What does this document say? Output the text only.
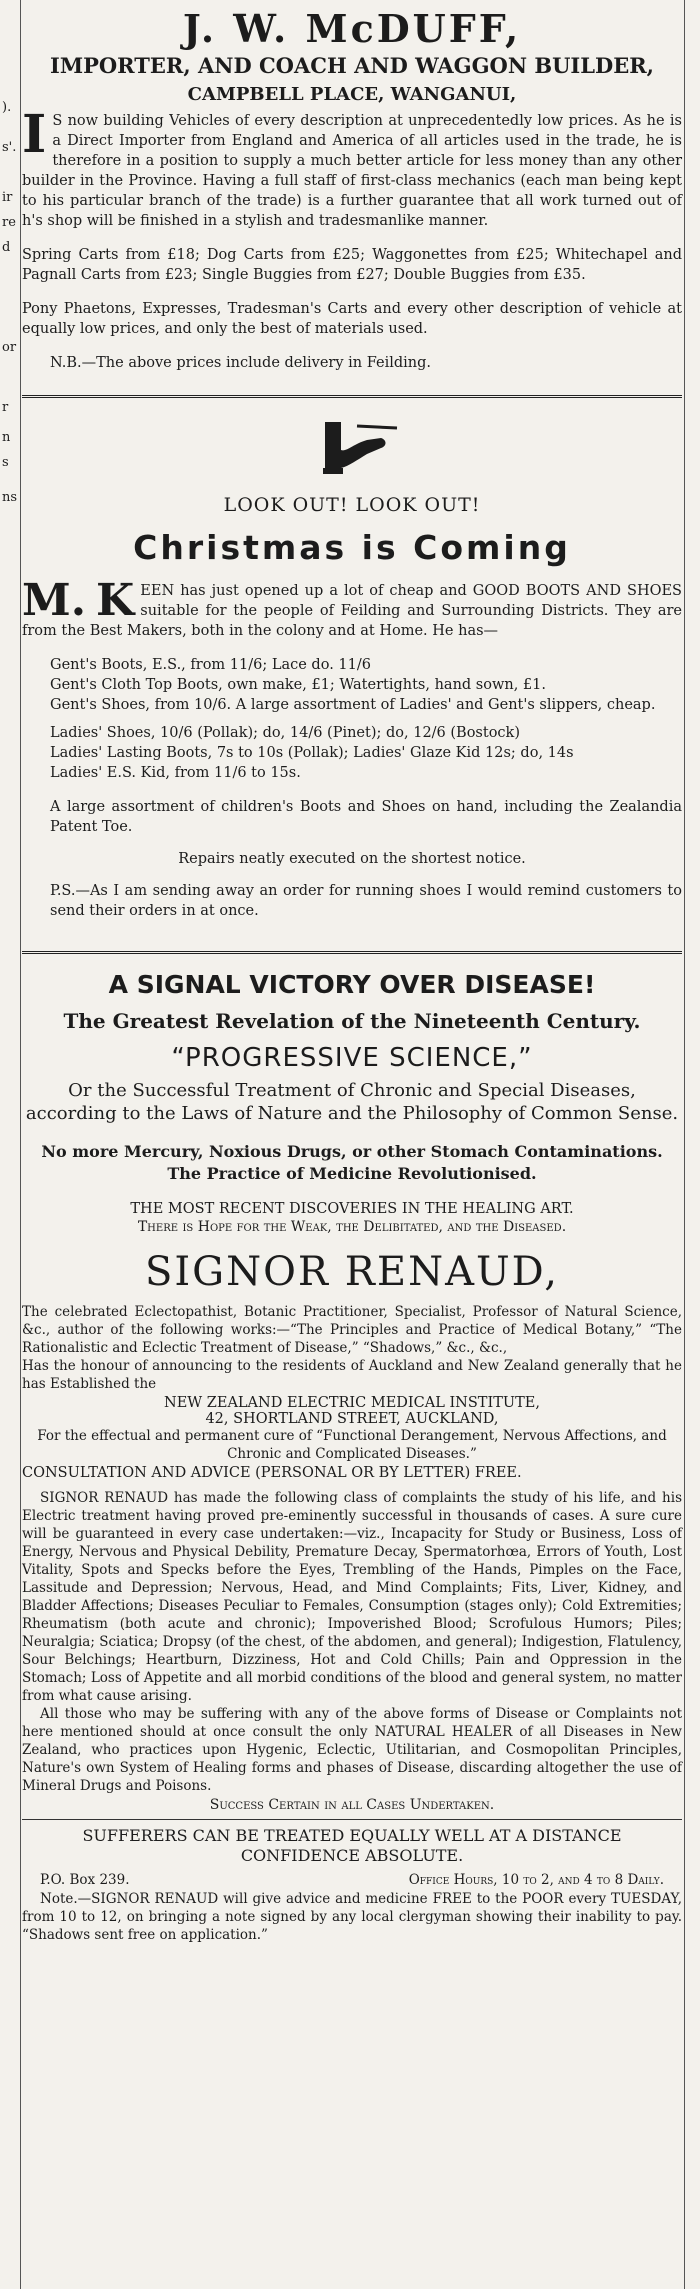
).
s'.
ir
re
d
or
r
n
s
ns

J. W. McDUFF,

IMPORTER, AND COACH AND WAGGON BUILDER,

CAMPBELL PLACE, WANGANUI,

I S now building Vehicles of every description at unprecedentedly low prices. As he is a Direct Importer from England and America of all articles used in the trade, he is therefore in a position to supply a much better article for less money than any other builder in the Province. Having a full staff of first-class mechanics (each man being kept to his particular branch of the trade) is a further guarantee that all work turned out of h's shop will be finished in a stylish and tradesmanlike manner.

Spring Carts from £18; Dog Carts from £25; Waggonettes from £25; Whitechapel and Pagnall Carts from £23; Single Buggies from £27; Double Buggies from £35.

Pony Phaetons, Expresses, Tradesman's Carts and every other description of vehicle at equally low prices, and only the best of materials used.

N.B.—The above prices include delivery in Feilding.

LOOK OUT! LOOK OUT!

Christmas is Coming

M. K EEN has just opened up a lot of cheap and GOOD BOOTS AND SHOES suitable for the people of Feilding and Surrounding Districts. They are from the Best Makers, both in the colony and at Home. He has—

Gent's Boots, E.S., from 11/6; Lace do. 11/6

Gent's Cloth Top Boots, own make, £1; Watertights, hand sown, £1.

Gent's Shoes, from 10/6. A large assortment of Ladies' and Gent's slippers, cheap.

Ladies' Shoes, 10/6 (Pollak); do, 14/6 (Pinet); do, 12/6 (Bostock)

Ladies' Lasting Boots, 7s to 10s (Pollak); Ladies' Glaze Kid 12s; do, 14s

Ladies' E.S. Kid, from 11/6 to 15s.

A large assortment of children's Boots and Shoes on hand, including the Zealandia Patent Toe.

Repairs neatly executed on the shortest notice.

P.S.—As I am sending away an order for running shoes I would remind customers to send their orders in at once.

A SIGNAL VICTORY OVER DISEASE!

The Greatest Revelation of the Nineteenth Century.

“PROGRESSIVE SCIENCE,”

Or the Successful Treatment of Chronic and Special Diseases, according to the Laws of Nature and the Philosophy of Common Sense.

No more Mercury, Noxious Drugs, or other Stomach Contaminations. The Practice of Medicine Revolutionised.

THE MOST RECENT DISCOVERIES IN THE HEALING ART.

There is Hope for the Weak, the Delibitated, and the Diseased.

SIGNOR RENAUD,

The celebrated Eclectopathist, Botanic Practitioner, Specialist, Professor of Natural Science, &c., author of the following works:—“The Principles and Practice of Medical Botany,” “The Rationalistic and Eclectic Treatment of Disease,” “Shadows,” &c., &c.,

Has the honour of announcing to the residents of Auckland and New Zealand generally that he has Established the

NEW ZEALAND ELECTRIC MEDICAL INSTITUTE,

42, SHORTLAND STREET, AUCKLAND,

For the effectual and permanent cure of “Functional Derangement, Nervous Affections, and Chronic and Complicated Diseases.”

CONSULTATION AND ADVICE (PERSONAL OR BY LETTER) FREE.

SIGNOR RENAUD has made the following class of complaints the study of his life, and his Electric treatment having proved pre-eminently successful in thousands of cases. A sure cure will be guaranteed in every case undertaken:—viz., Incapacity for Study or Business, Loss of Energy, Nervous and Physical Debility, Premature Decay, Spermatorhœa, Errors of Youth, Lost Vitality, Spots and Specks before the Eyes, Trembling of the Hands, Pimples on the Face, Lassitude and Depression; Nervous, Head, and Mind Complaints; Fits, Liver, Kidney, and Bladder Affections; Diseases Peculiar to Females, Consumption (stages only); Cold Extremities; Rheumatism (both acute and chronic); Impoverished Blood; Scrofulous Humors; Piles; Neuralgia; Sciatica; Dropsy (of the chest, of the abdomen, and general); Indigestion, Flatulency, Sour Belchings; Heartburn, Dizziness, Hot and Cold Chills; Pain and Oppression in the Stomach; Loss of Appetite and all morbid conditions of the blood and general system, no matter from what cause arising.

All those who may be suffering with any of the above forms of Disease or Complaints not here mentioned should at once consult the only NATURAL HEALER of all Diseases in New Zealand, who practices upon Hygenic, Eclectic, Utilitarian, and Cosmopolitan Principles, Nature's own System of Healing forms and phases of Disease, discarding altogether the use of Mineral Drugs and Poisons.

Success Certain in all Cases Undertaken.

SUFFERERS CAN BE TREATED EQUALLY WELL AT A DISTANCE CONFIDENCE ABSOLUTE.

P.O. Box 239.	Office Hours, 10 to 2, and 4 to 8 Daily.

Note.—SIGNOR RENAUD will give advice and medicine FREE to the POOR every TUESDAY, from 10 to 12, on bringing a note signed by any local clergyman showing their inability to pay. “Shadows sent free on application.”
